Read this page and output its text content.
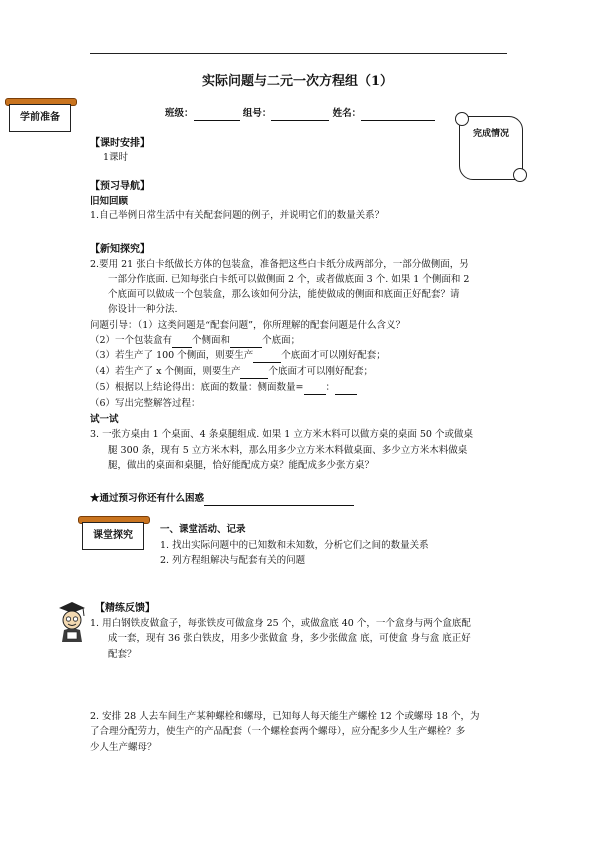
实际问题与二元一次方程组（1）
班级：	组号：	姓名：
学前准备
完成情况
【课时安排】
1课时
【预习导航】
旧知回顾
1.自己举例日常生活中有关配套问题的例子，并说明它们的数量关系？
【新知探究】
2.要用 21 张白卡纸做长方体的包装盒，准备把这些白卡纸分成两部分，一部分做侧面，另
一部分作底面. 已知每张白卡纸可以做侧面 2 个，或者做底面 3 个. 如果 1 个侧面和 2
个底面可以做成一个包装盒，那么该如何分法，能使做成的侧面和底面正好配套？请
你设计一种分法.
问题引导：（1）这类问题是“配套问题”，你所理解的配套问题是什么含义？
（2）一个包装盒有 个侧面和	个底面；
（3）若生产了 100 个侧面，则要生产	个底面才可以刚好配套；
（4）若生产了 x 个侧面，则要生产	个底面才可以刚好配套；
（5）根据以上结论得出：底面的数量：侧面数量= ：
（6）写出完整解答过程：
试一试
3. 一张方桌由 1 个桌面、4 条桌腿组成. 如果 1 立方米木料可以做方桌的桌面 50 个或做桌
腿 300 条，现有 5 立方米木料，那么用多少立方米木料做桌面、多少立方米木料做桌
腿，做出的桌面和桌腿，恰好能配成方桌？能配成多少张方桌？
★通过预习你还有什么困惑
课堂探究
一、课堂活动、记录
1. 找出实际问题中的已知数和未知数，分析它们之间的数量关系
2. 列方程组解决与配套有关的问题
【精练反馈】
1. 用白钢铁皮做盒子，每张铁皮可做盒身 25 个，或做盒底 40 个，一个盒身与两个盒底配
成一套，现有 36 张白铁皮，用多少张做盒 身，多少张做盒 底，可使盒 身与盒 底正好
配套？
2. 安排 28 人去车间生产某种螺栓和螺母，已知每人每天能生产螺栓 12 个或螺母 18 个，为
了合理分配劳力，使生产的产品配套（一个螺栓套两个螺母），应分配多少人生产螺栓？多
少人生产螺母？
